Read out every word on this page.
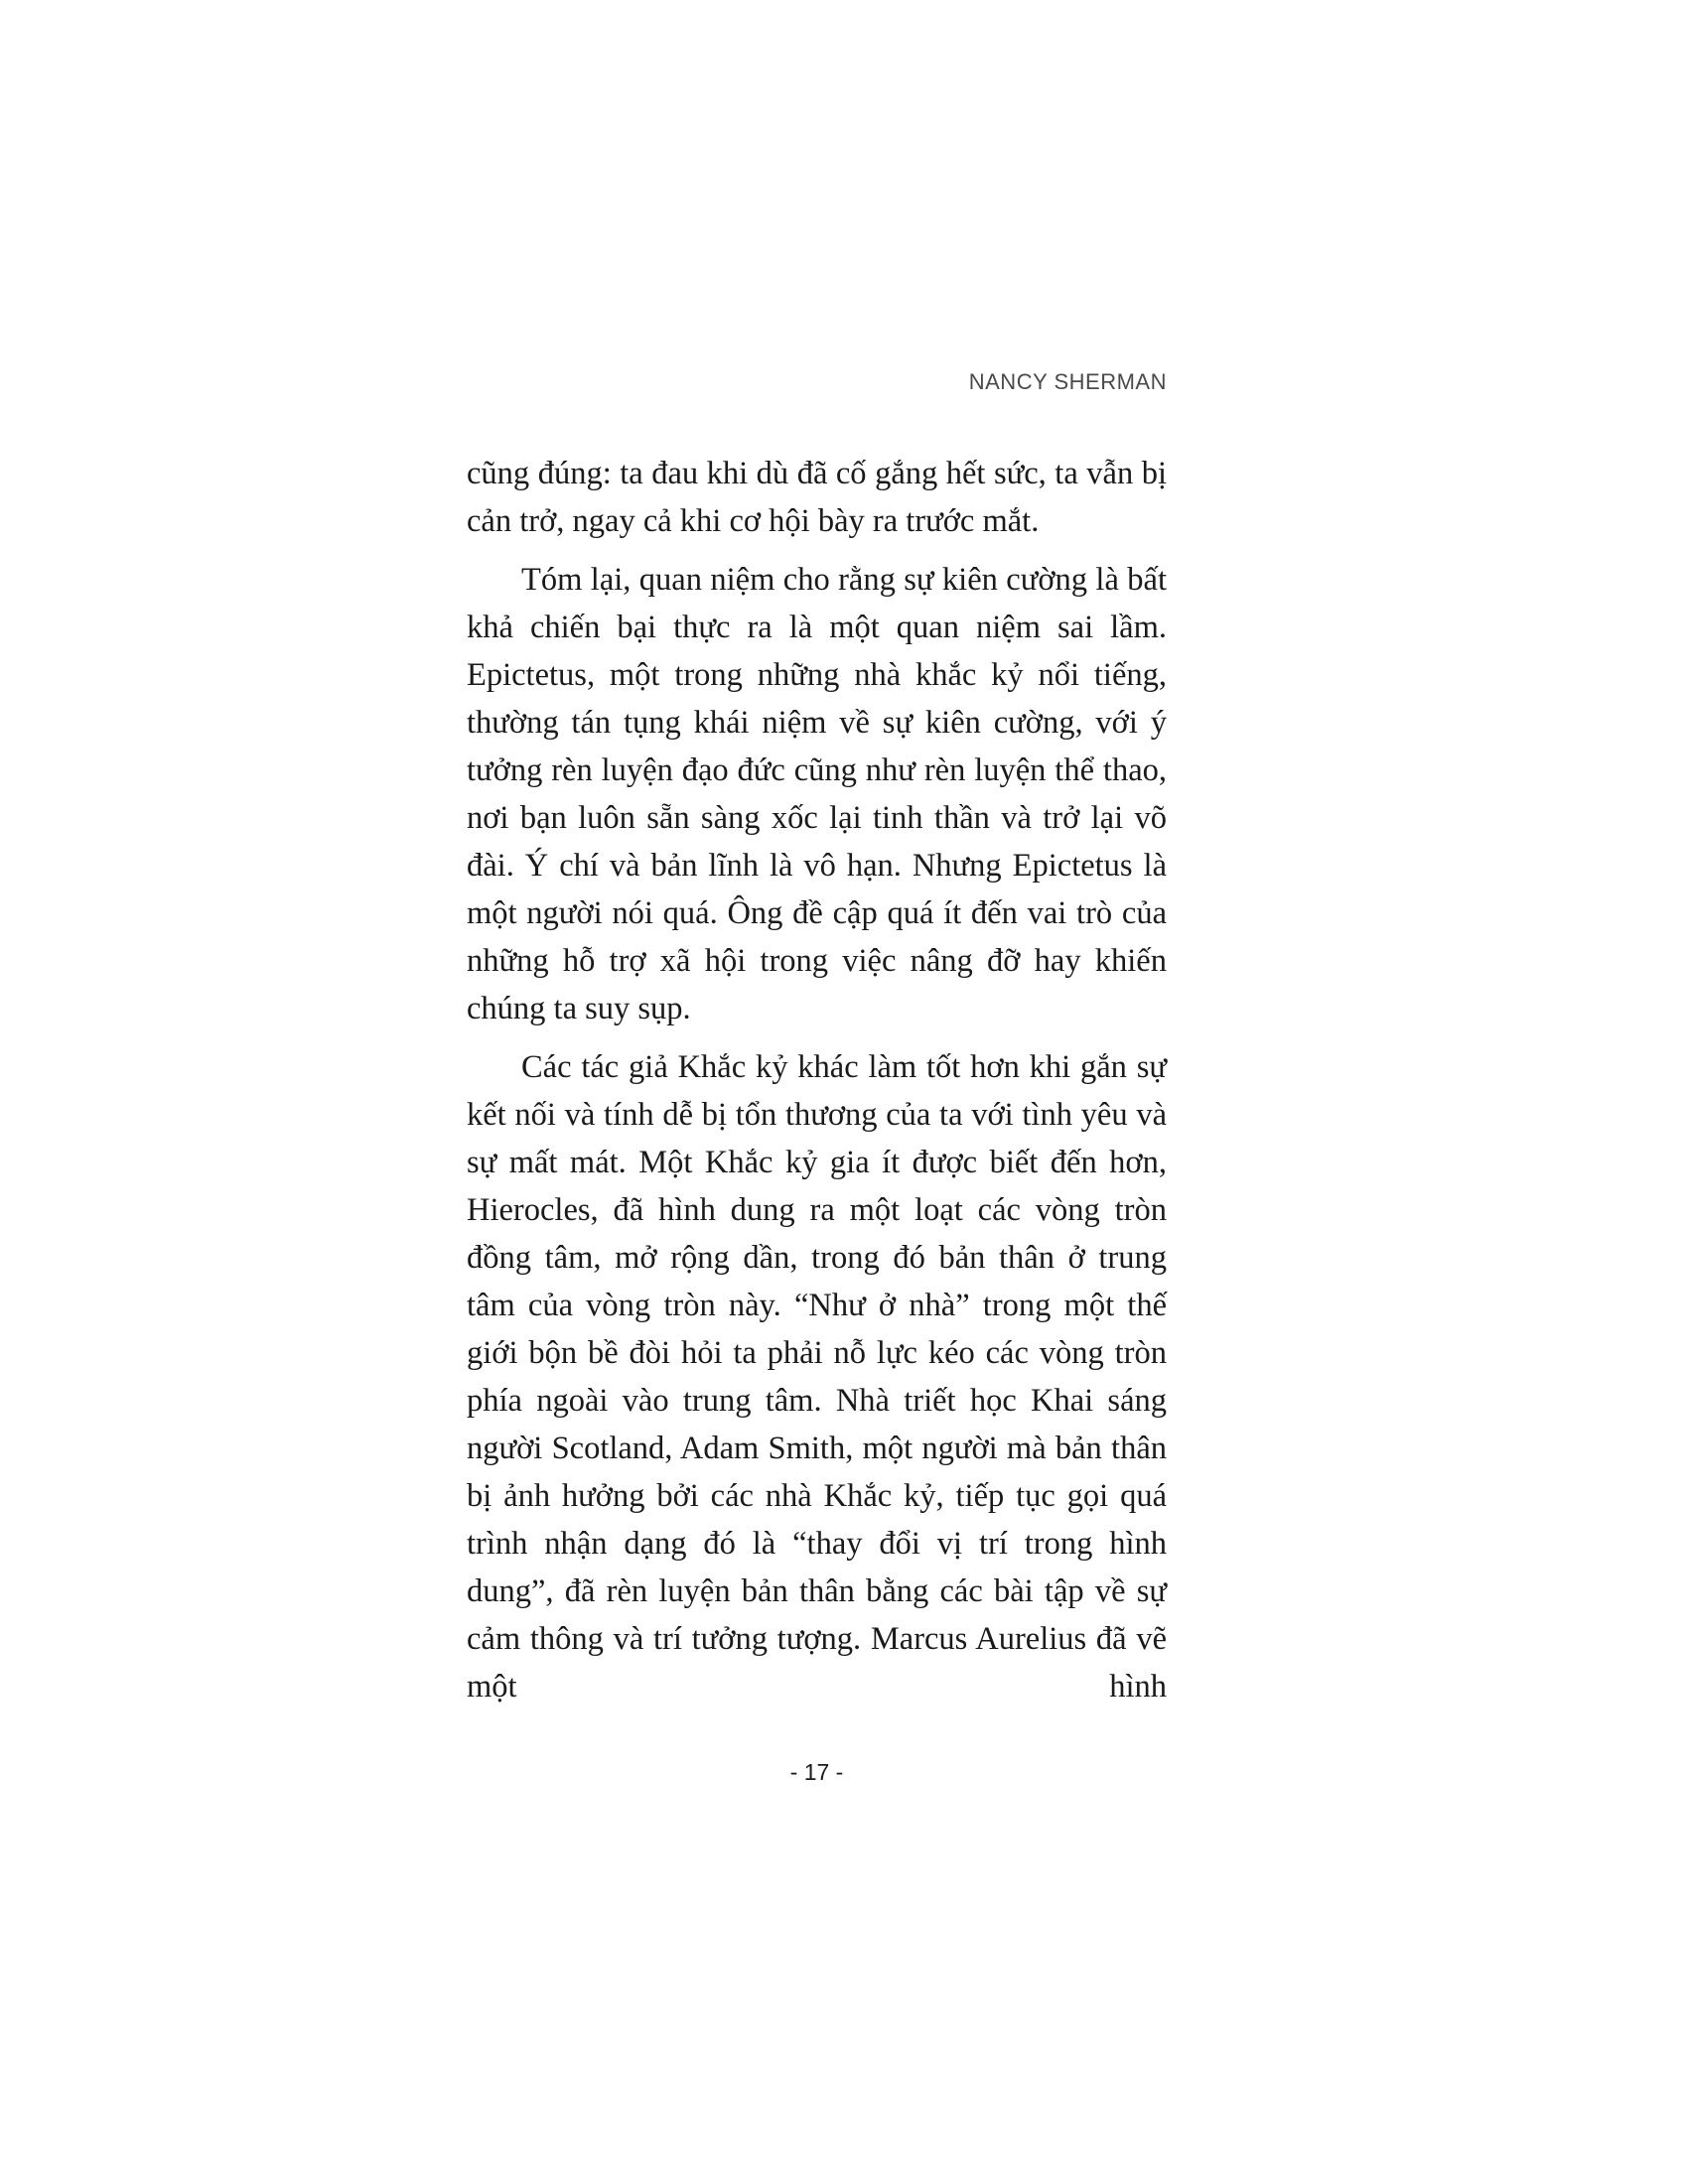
NANCY SHERMAN

cũng đúng: ta đau khi dù đã cố gắng hết sức, ta vẫn bị cản trở, ngay cả khi cơ hội bày ra trước mắt.

Tóm lại, quan niệm cho rằng sự kiên cường là bất khả chiến bại thực ra là một quan niệm sai lầm. Epictetus, một trong những nhà khắc kỷ nổi tiếng, thường tán tụng khái niệm về sự kiên cường, với ý tưởng rèn luyện đạo đức cũng như rèn luyện thể thao, nơi bạn luôn sẵn sàng xốc lại tinh thần và trở lại võ đài. Ý chí và bản lĩnh là vô hạn. Nhưng Epictetus là một người nói quá. Ông đề cập quá ít đến vai trò của những hỗ trợ xã hội trong việc nâng đỡ hay khiến chúng ta suy sụp.

Các tác giả Khắc kỷ khác làm tốt hơn khi gắn sự kết nối và tính dễ bị tổn thương của ta với tình yêu và sự mất mát. Một Khắc kỷ gia ít được biết đến hơn, Hierocles, đã hình dung ra một loạt các vòng tròn đồng tâm, mở rộng dần, trong đó bản thân ở trung tâm của vòng tròn này. “Như ở nhà” trong một thế giới bộn bề đòi hỏi ta phải nỗ lực kéo các vòng tròn phía ngoài vào trung tâm. Nhà triết học Khai sáng người Scotland, Adam Smith, một người mà bản thân bị ảnh hưởng bởi các nhà Khắc kỷ, tiếp tục gọi quá trình nhận dạng đó là “thay đổi vị trí trong hình dung”, đã rèn luyện bản thân bằng các bài tập về sự cảm thông và trí tưởng tượng. Marcus Aurelius đã vẽ một hình

- 17 -
